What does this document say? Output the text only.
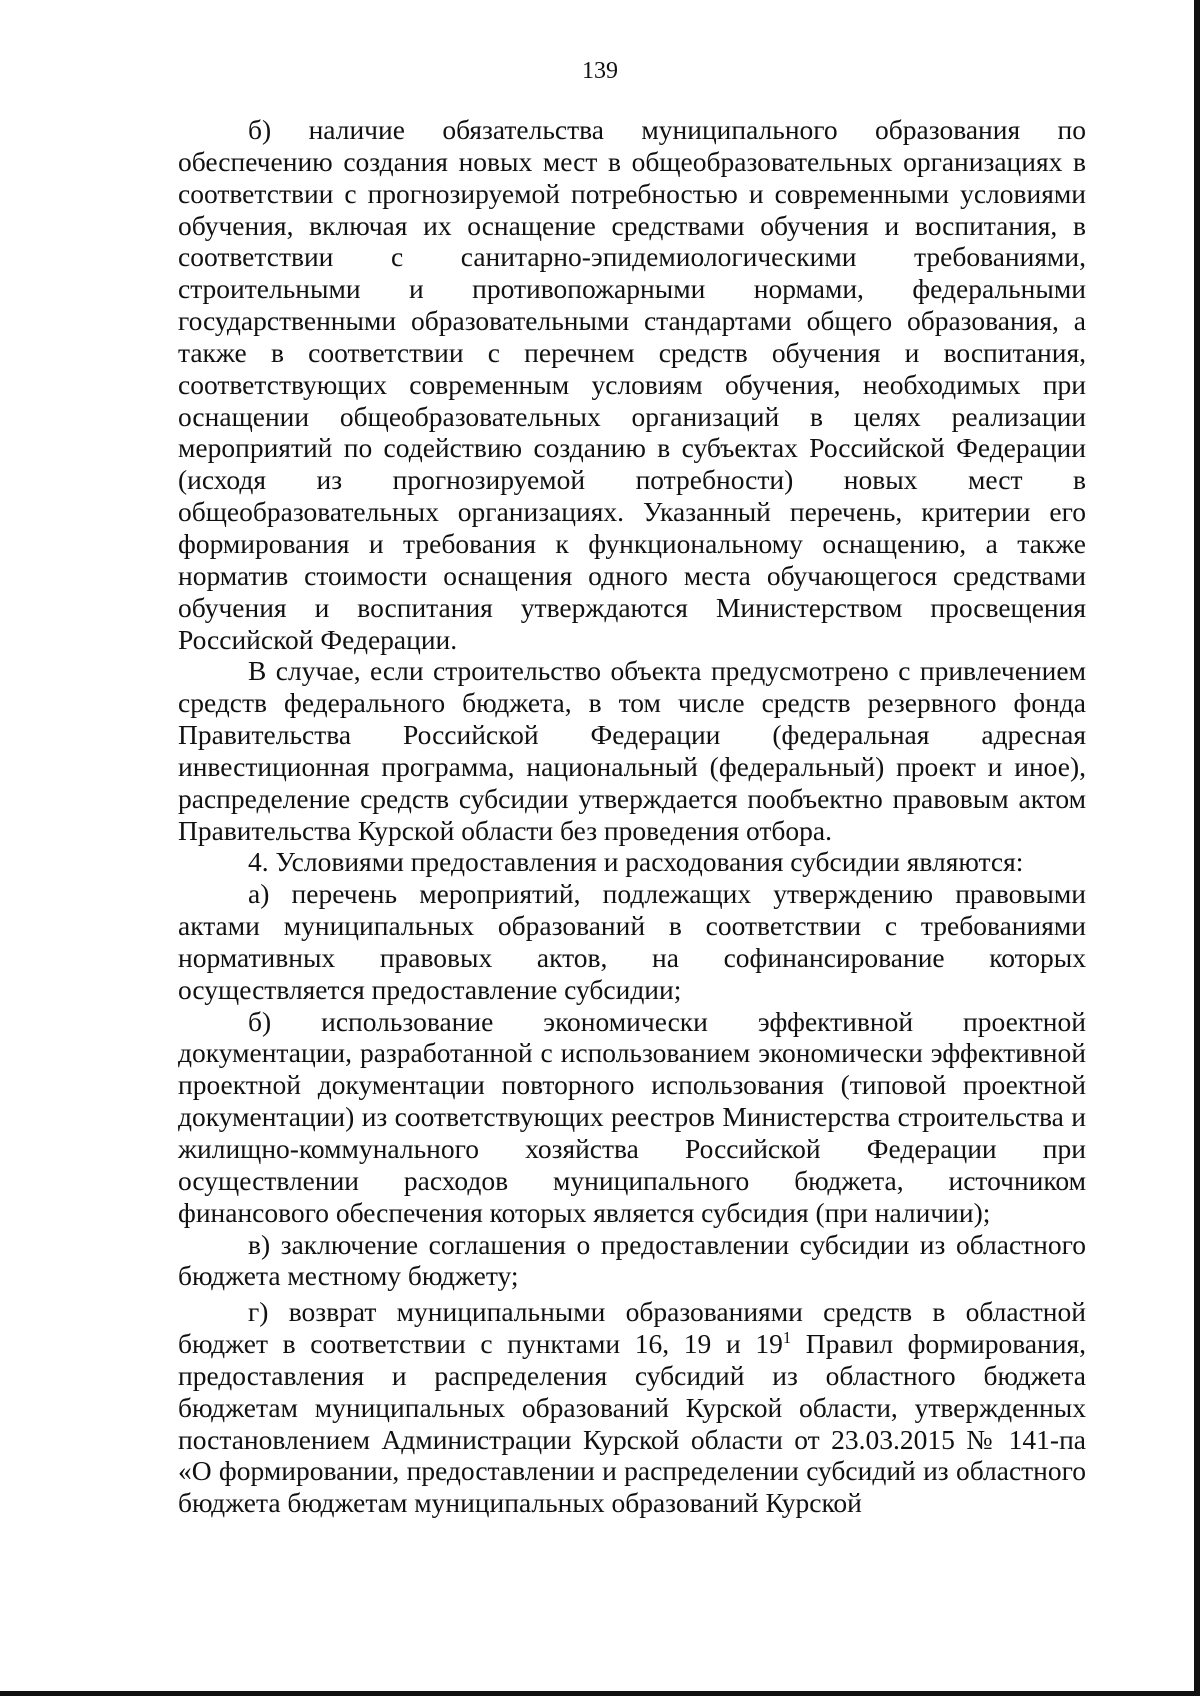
139

б) наличие обязательства муниципального образования по обеспечению создания новых мест в общеобразовательных организациях в соответствии с прогнозируемой потребностью и современными условиями обучения, включая их оснащение средствами обучения и воспитания, в соответствии с санитарно-эпидемиологическими требованиями, строительными и противопожарными нормами, федеральными государственными образовательными стандартами общего образования, а также в соответствии с перечнем средств обучения и воспитания, соответствующих современным условиям обучения, необходимых при оснащении общеобразовательных организаций в целях реализации мероприятий по содействию созданию в субъектах Российской Федерации (исходя из прогнозируемой потребности) новых мест в общеобразовательных организациях. Указанный перечень, критерии его формирования и требования к функциональному оснащению, а также норматив стоимости оснащения одного места обучающегося средствами обучения и воспитания утверждаются Министерством просвещения Российской Федерации.

В случае, если строительство объекта предусмотрено с привлечением средств федерального бюджета, в том числе средств резервного фонда Правительства Российской Федерации (федеральная адресная инвестиционная программа, национальный (федеральный) проект и иное), распределение средств субсидии утверждается пообъектно правовым актом Правительства Курской области без проведения отбора.

4. Условиями предоставления и расходования субсидии являются:

а) перечень мероприятий, подлежащих утверждению правовыми актами муниципальных образований в соответствии с требованиями нормативных правовых актов, на софинансирование которых осуществляется предоставление субсидии;

б) использование экономически эффективной проектной документации, разработанной с использованием экономически эффективной проектной документации повторного использования (типовой проектной документации) из соответствующих реестров Министерства строительства и жилищно-коммунального хозяйства Российской Федерации при осуществлении расходов муниципального бюджета, источником финансового обеспечения которых является субсидия (при наличии);

в) заключение соглашения о предоставлении субсидии из областного бюджета местному бюджету;

г) возврат муниципальными образованиями средств в областной бюджет в соответствии с пунктами 16, 19 и $19^1$ Правил формирования, предоставления и распределения субсидий из областного бюджета бюджетам муниципальных образований Курской области, утвержденных постановлением Администрации Курской области от 23.03.2015 № 141-па «О формировании, предоставлении и распределении субсидий из областного бюджета бюджетам муниципальных образований Курской
